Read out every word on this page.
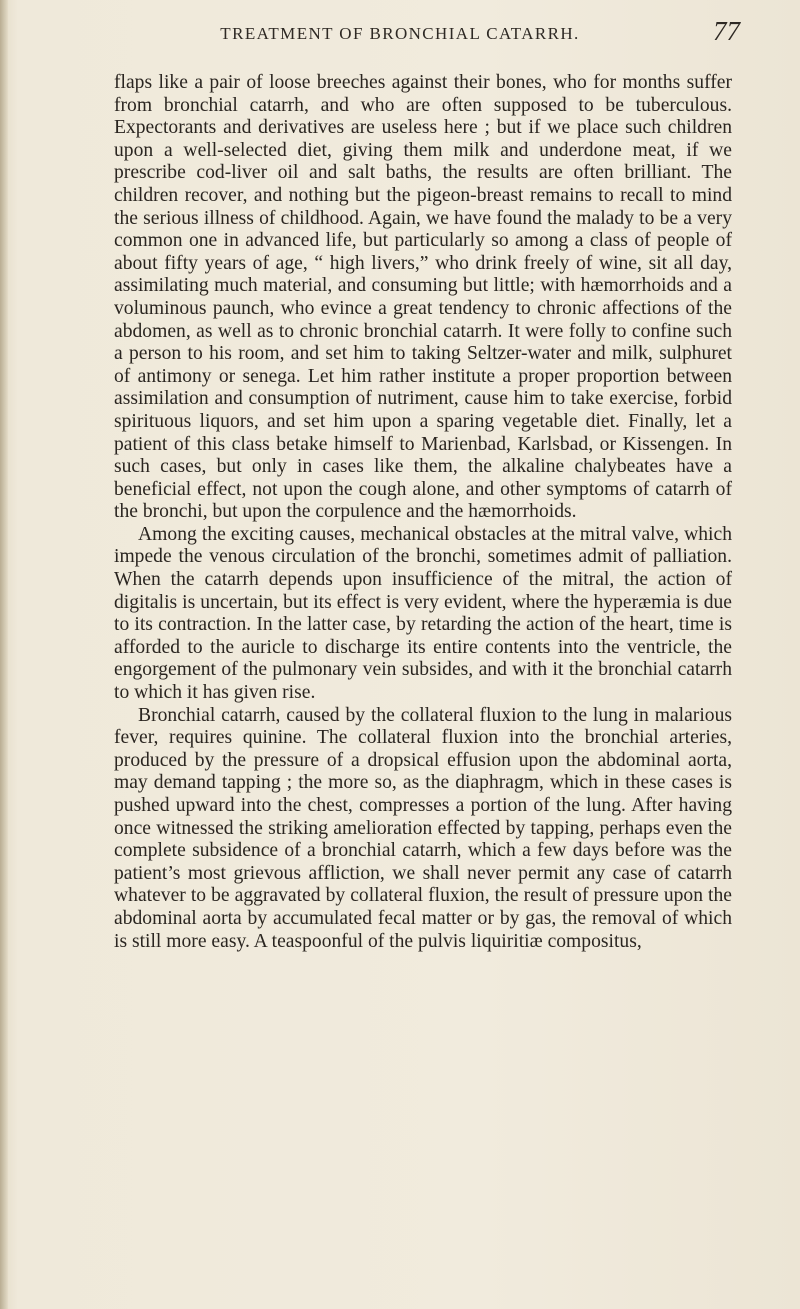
TREATMENT OF BRONCHIAL CATARRH.	77

flaps like a pair of loose breeches against their bones, who for months suffer from bronchial catarrh, and who are often supposed to be tuberculous. Expectorants and derivatives are useless here ; but if we place such children upon a well-selected diet, giving them milk and underdone meat, if we prescribe cod-liver oil and salt baths, the results are often brilliant. The children recover, and nothing but the pigeon-breast remains to recall to mind the serious illness of childhood. Again, we have found the malady to be a very common one in advanced life, but particularly so among a class of people of about fifty years of age, “ high livers,” who drink freely of wine, sit all day, assimilating much material, and consuming but little; with hæmorrhoids and a voluminous paunch, who evince a great tendency to chronic affections of the abdomen, as well as to chronic bronchial catarrh. It were folly to confine such a person to his room, and set him to taking Seltzer-water and milk, sulphuret of antimony or senega. Let him rather institute a proper proportion between assimilation and consumption of nutriment, cause him to take exercise, forbid spirituous liquors, and set him upon a sparing vegetable diet. Finally, let a patient of this class betake himself to Marienbad, Karlsbad, or Kissengen. In such cases, but only in cases like them, the alkaline chalybeates have a beneficial effect, not upon the cough alone, and other symptoms of catarrh of the bronchi, but upon the corpulence and the hæmorrhoids.

Among the exciting causes, mechanical obstacles at the mitral valve, which impede the venous circulation of the bronchi, sometimes admit of palliation. When the catarrh depends upon insufficience of the mitral, the action of digitalis is uncertain, but its effect is very evident, where the hyperæmia is due to its contraction. In the latter case, by retarding the action of the heart, time is afforded to the auricle to discharge its entire contents into the ventricle, the engorgement of the pulmonary vein subsides, and with it the bronchial catarrh to which it has given rise.

Bronchial catarrh, caused by the collateral fluxion to the lung in malarious fever, requires quinine. The collateral fluxion into the bronchial arteries, produced by the pressure of a dropsical effusion upon the abdominal aorta, may demand tapping ; the more so, as the diaphragm, which in these cases is pushed upward into the chest, compresses a portion of the lung. After having once witnessed the striking amelioration effected by tapping, perhaps even the complete subsidence of a bronchial catarrh, which a few days before was the patient’s most grievous affliction, we shall never permit any case of catarrh whatever to be aggravated by collateral fluxion, the result of pressure upon the abdominal aorta by accumulated fecal matter or by gas, the removal of which is still more easy. A teaspoonful of the pulvis liquiritiæ compositus,
